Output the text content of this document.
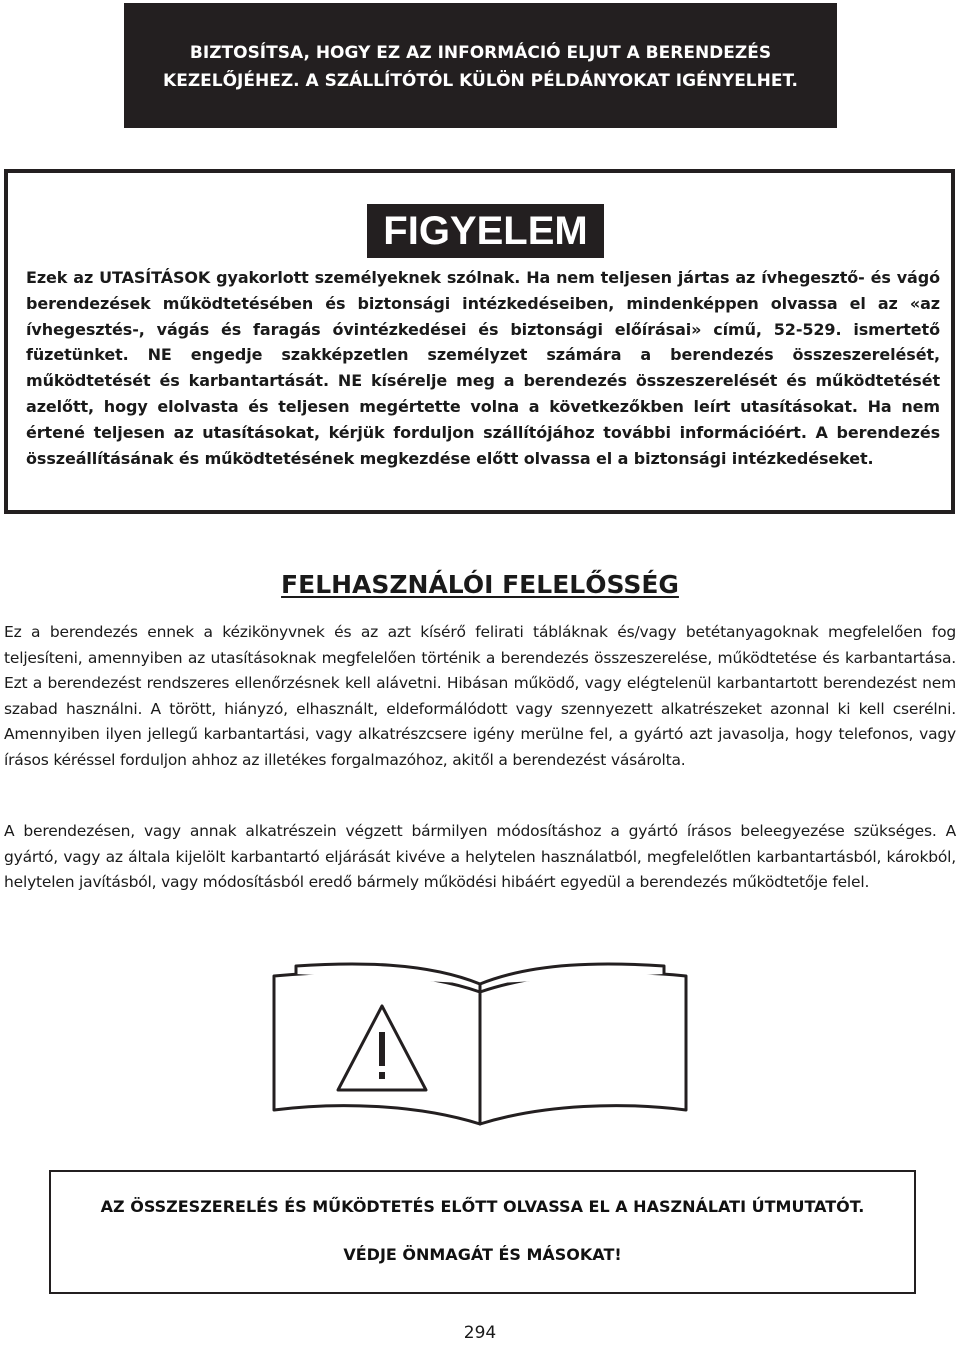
BIZTOSÍTSA, HOGY EZ AZ INFORMÁCIÓ ELJUT A BERENDEZÉS
KEZELŐJÉHEZ. A SZÁLLÍTÓTÓL KÜLÖN PÉLDÁNYOKAT IGÉNYELHET.
FIGYELEM
Ezek az UTASÍTÁSOK gyakorlott személyeknek szólnak. Ha nem teljesen jártas az ívhegesztő- és vágó berendezések működtetésében és biztonsági intézkedéseiben, mindenképpen olvassa el az «az ívhegesztés-, vágás és faragás óvintézkedései és biztonsági előírásai» című, 52-529. ismertető füzetünket. NE engedje szakképzetlen személyzet számára a berendezés összeszerelését, működtetését és karbantartását. NE kísérelje meg a berendezés összeszerelését és működtetését azelőtt, hogy elolvasta és teljesen megértette volna a következőkben leírt utasításokat. Ha nem értené teljesen az utasításokat, kérjük forduljon szállítójához további információért. A berendezés összeállításának és működtetésének megkezdése előtt olvassa el a biztonsági intézkedéseket.
FELHASZNÁLÓI FELELŐSSÉG
Ez a berendezés ennek a kézikönyvnek és az azt kísérő felirati tábláknak és/vagy betétanyagoknak megfelelően fog teljesíteni, amennyiben az utasításoknak megfelelően történik a berendezés összeszerelése, működtetése és karbantartása. Ezt a berendezést rendszeres ellenőrzésnek kell alávetni. Hibásan működő, vagy elégtelenül karbantartott berendezést nem szabad használni. A törött, hiányzó, elhasznált, eldeformálódott vagy szennyezett alkatrészeket azonnal ki kell cserélni. Amennyiben ilyen jellegű karbantartási, vagy alkatrészcsere igény merülne fel, a gyártó azt javasolja, hogy telefonos, vagy írásos kéréssel forduljon ahhoz az illetékes forgalmazóhoz, akitől a berendezést vásárolta.
A berendezésen, vagy annak alkatrészein végzett bármilyen módosításhoz a gyártó írásos beleegyezése szükséges. A gyártó, vagy az általa kijelölt karbantartó eljárását kivéve a helytelen használatból, megfelelőtlen karbantartásból, károkból, helytelen javításból, vagy módosításból eredő bármely működési hibáért egyedül a berendezés működtetője felel.
AZ ÖSSZESZERELÉS ÉS MŰKÖDTETÉS ELŐTT OLVASSA EL A HASZNÁLATI ÚTMUTATÓT.
VÉDJE ÖNMAGÁT ÉS MÁSOKAT!
294
